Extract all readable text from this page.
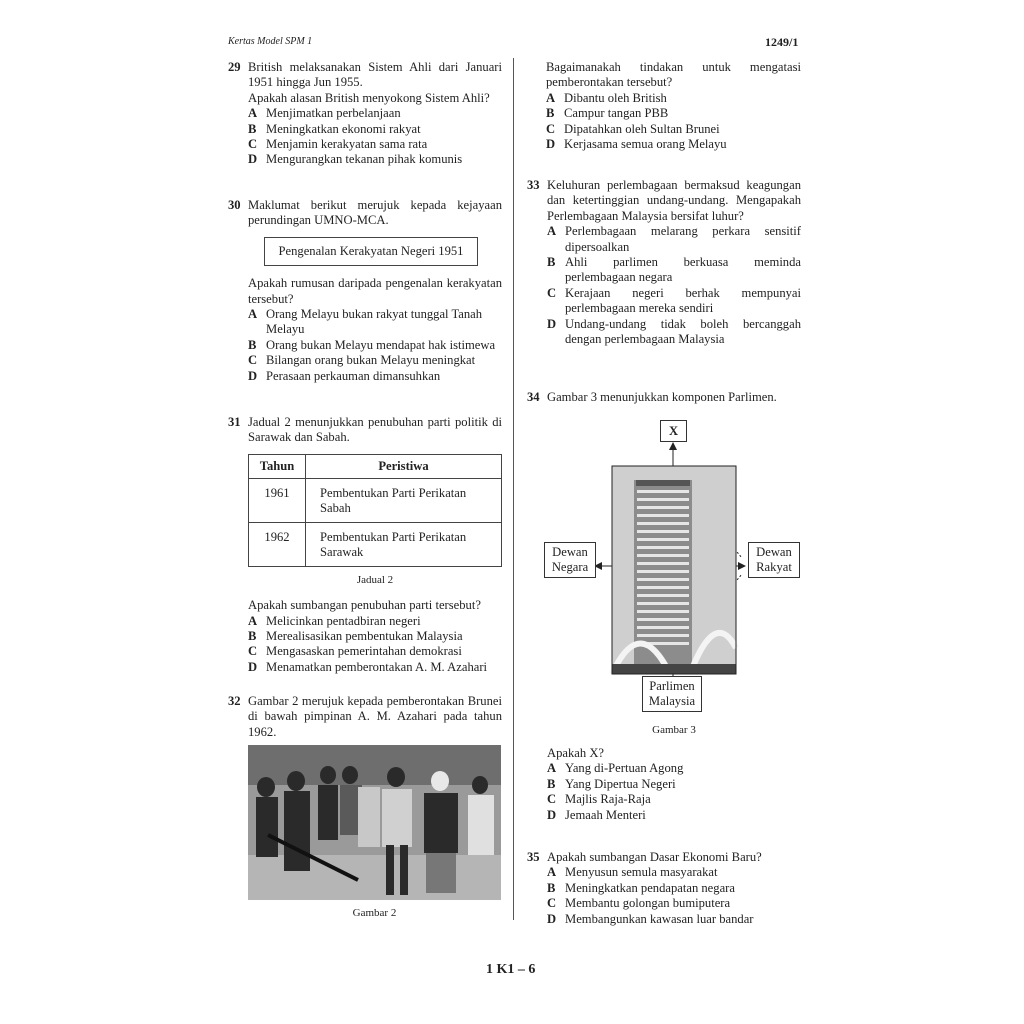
Kertas Model SPM 1	1249/1
1 K1 – 6
29 British melaksanakan Sistem Ahli dari Januari 1951 hingga Jun 1955.
Apakah alasan British menyokong Sistem Ahli?
A Menjimatkan perbelanjaan
B Meningkatkan ekonomi rakyat
C Menjamin kerakyatan sama rata
D Mengurangkan tekanan pihak komunis
30 Maklumat berikut merujuk kepada kejayaan perundingan UMNO-MCA.
Pengenalan Kerakyatan Negeri 1951
Apakah rumusan daripada pengenalan kerakyatan tersebut?
A Orang Melayu bukan rakyat tunggal Tanah Melayu
B Orang bukan Melayu mendapat hak istimewa
C Bilangan orang bukan Melayu meningkat
D Perasaan perkauman dimansuhkan
31 Jadual 2 menunjukkan penubuhan parti politik di Sarawak dan Sabah.
Tahun	Peristiwa
1961	Pembentukan Parti Perikatan Sabah
1962	Pembentukan Parti Perikatan Sarawak
Jadual 2
Apakah sumbangan penubuhan parti tersebut?
A Melicinkan pentadbiran negeri
B Merealisasikan pembentukan Malaysia
C Mengasaskan pemerintahan demokrasi
D Menamatkan pemberontakan A. M. Azahari
32 Gambar 2 merujuk kepada pemberontakan Brunei di bawah pimpinan A. M. Azahari pada tahun 1962.
Gambar 2
Bagaimanakah tindakan untuk mengatasi pemberontakan tersebut?
A Dibantu oleh British
B Campur tangan PBB
C Dipatahkan oleh Sultan Brunei
D Kerjasama semua orang Melayu
33 Keluhuran perlembagaan bermaksud keagungan dan ketertinggian undang-undang. Mengapakah Perlembagaan Malaysia bersifat luhur?
A Perlembagaan melarang perkara sensitif dipersoalkan
B Ahli parlimen berkuasa meminda perlembagaan negara
C Kerajaan negeri berhak mempunyai perlembagaan mereka sendiri
D Undang-undang tidak boleh bercanggah dengan perlembagaan Malaysia
34 Gambar 3 menunjukkan komponen Parlimen.
X
Dewan
Negara
Dewan
Rakyat
Parlimen
Malaysia
Gambar 3
Apakah X?
A Yang di-Pertuan Agong
B Yang Dipertua Negeri
C Majlis Raja-Raja
D Jemaah Menteri
35 Apakah sumbangan Dasar Ekonomi Baru?
A Menyusun semula masyarakat
B Meningkatkan pendapatan negara
C Membantu golongan bumiputera
D Membangunkan kawasan luar bandar
